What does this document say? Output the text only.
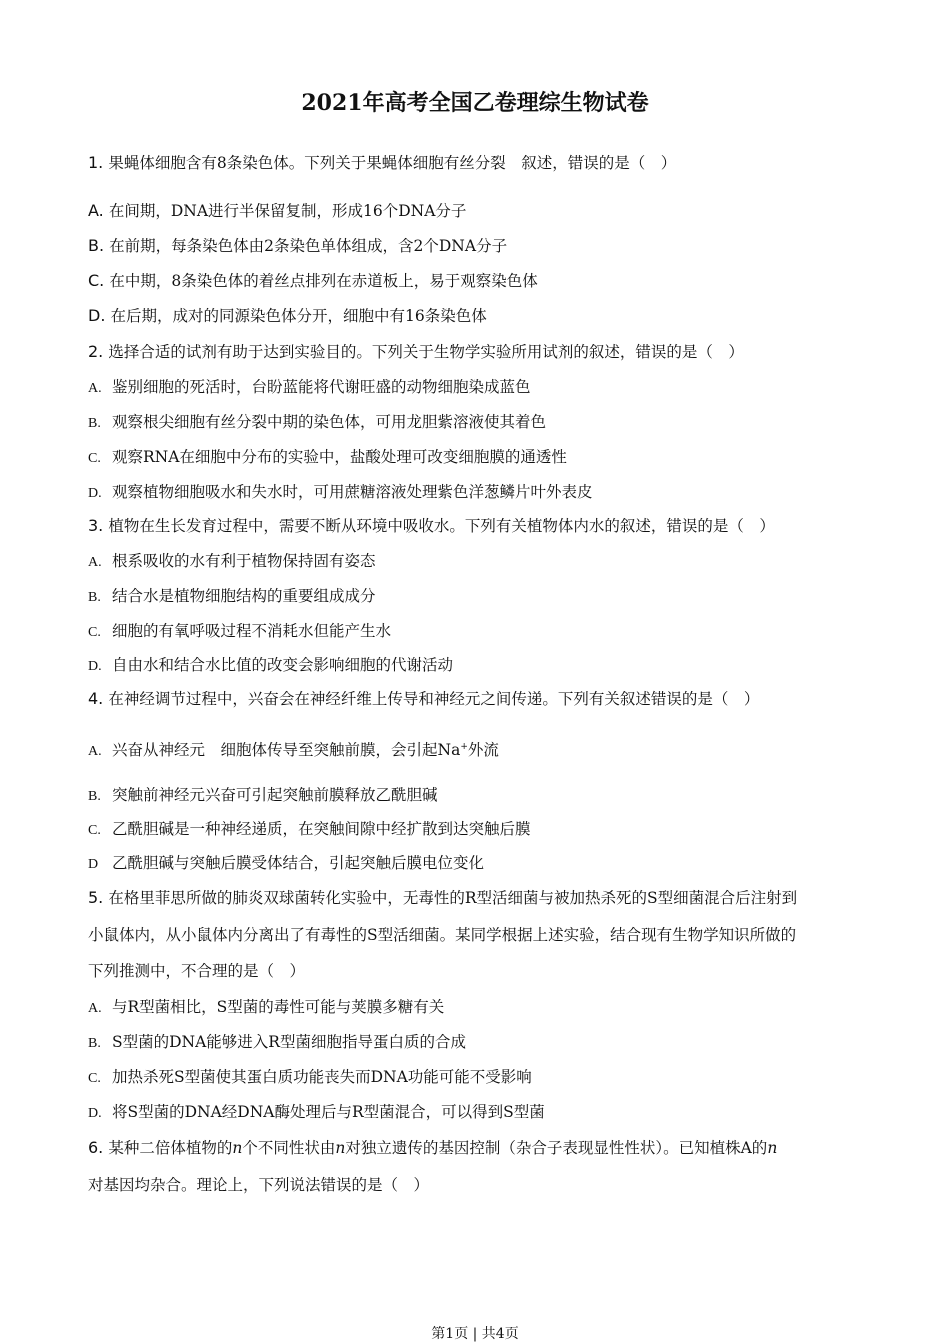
2021年高考全国乙卷理综生物试卷
1. 果蝇体细胞含有8条染色体。下列关于果蝇体细胞有丝分裂　叙述，错误的是（　）
A. 在间期，DNA进行半保留复制，形成16个DNA分子
B. 在前期，每条染色体由2条染色单体组成，含2个DNA分子
C. 在中期，8条染色体的着丝点排列在赤道板上，易于观察染色体
D. 在后期，成对的同源染色体分开，细胞中有16条染色体
2. 选择合适的试剂有助于达到实验目的。下列关于生物学实验所用试剂的叙述，错误的是（　）
A. 鉴别细胞的死活时，台盼蓝能将代谢旺盛的动物细胞染成蓝色
B. 观察根尖细胞有丝分裂中期的染色体，可用龙胆紫溶液使其着色
C. 观察RNA在细胞中分布的实验中，盐酸处理可改变细胞膜的通透性
D. 观察植物细胞吸水和失水时，可用蔗糖溶液处理紫色洋葱鳞片叶外表皮
3. 植物在生长发育过程中，需要不断从环境中吸收水。下列有关植物体内水的叙述，错误的是（　）
A. 根系吸收的水有利于植物保持固有姿态
B. 结合水是植物细胞结构的重要组成成分
C. 细胞的有氧呼吸过程不消耗水但能产生水
D. 自由水和结合水比值的改变会影响细胞的代谢活动
4. 在神经调节过程中，兴奋会在神经纤维上传导和神经元之间传递。下列有关叙述错误的是（　）
A. 兴奋从神经元　细胞体传导至突触前膜，会引起Na+外流
B. 突触前神经元兴奋可引起突触前膜释放乙酰胆碱
C. 乙酰胆碱是一种神经递质，在突触间隙中经扩散到达突触后膜
D 乙酰胆碱与突触后膜受体结合，引起突触后膜电位变化
5. 在格里菲思所做的肺炎双球菌转化实验中，无毒性的R型活细菌与被加热杀死的S型细菌混合后注射到
小鼠体内，从小鼠体内分离出了有毒性的S型活细菌。某同学根据上述实验，结合现有生物学知识所做的
下列推测中，不合理的是（　）
A. 与R型菌相比，S型菌的毒性可能与荚膜多糖有关
B. S型菌的DNA能够进入R型菌细胞指导蛋白质的合成
C. 加热杀死S型菌使其蛋白质功能丧失而DNA功能可能不受影响
D. 将S型菌的DNA经DNA酶处理后与R型菌混合，可以得到S型菌
6. 某种二倍体植物的n个不同性状由n对独立遗传的基因控制（杂合子表现显性性状）。已知植株A的n
对基因均杂合。理论上，下列说法错误的是（　）
第1页 | 共4页
